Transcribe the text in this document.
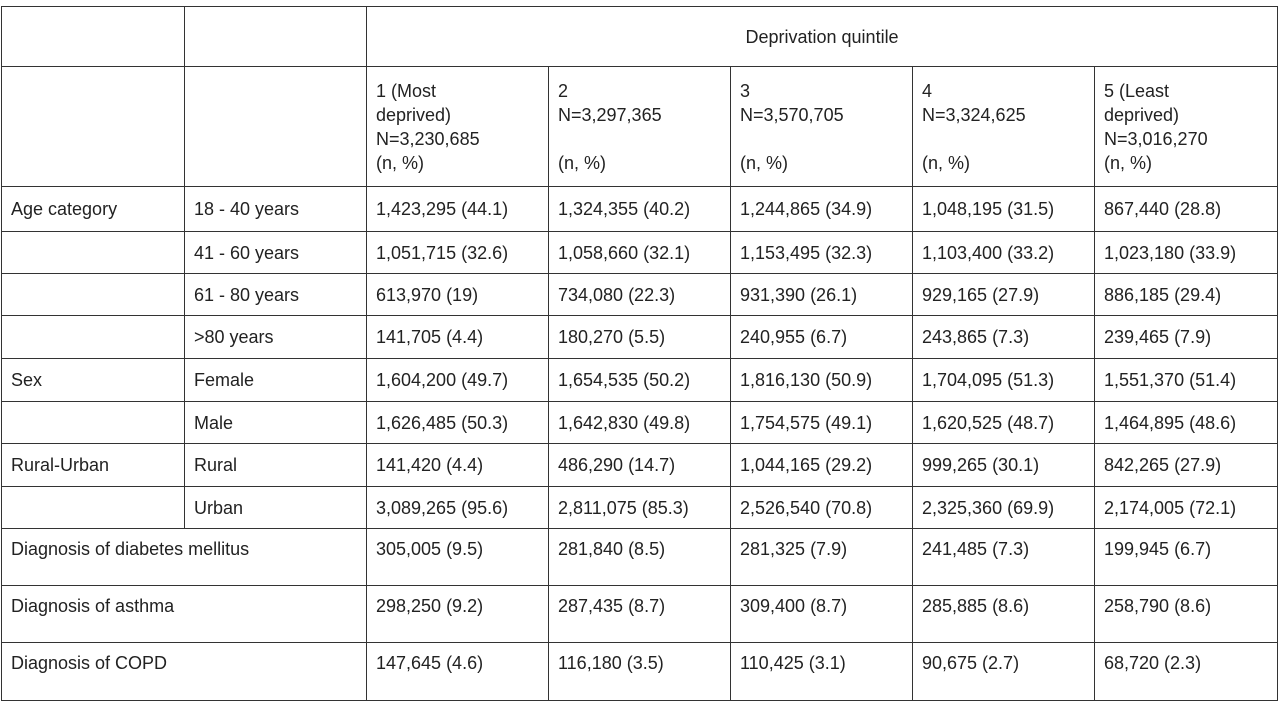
		Deprivation quintile				

		1 (Most
deprived)
N=3,230,685
(n, %)	2
N=3,297,365
(n, %)	3
N=3,570,705
(n, %)	4
N=3,324,625
(n, %)	5 (Least
deprived)
N=3,016,270
(n, %)

Age category	18 - 40 years	1,423,295 (44.1)	1,324,355 (40.2)	1,244,865 (34.9)	1,048,195 (31.5)	867,440 (28.8)
	41 - 60 years	1,051,715 (32.6)	1,058,660 (32.1)	1,153,495 (32.3)	1,103,400 (33.2)	1,023,180 (33.9)
	61 - 80 years	613,970 (19)	734,080 (22.3)	931,390 (26.1)	929,165 (27.9)	886,185 (29.4)
	>80 years	141,705 (4.4)	180,270 (5.5)	240,955 (6.7)	243,865 (7.3)	239,465 (7.9)
Sex	Female	1,604,200 (49.7)	1,654,535 (50.2)	1,816,130 (50.9)	1,704,095 (51.3)	1,551,370 (51.4)
	Male	1,626,485 (50.3)	1,642,830 (49.8)	1,754,575 (49.1)	1,620,525 (48.7)	1,464,895 (48.6)
Rural-Urban	Rural	141,420 (4.4)	486,290 (14.7)	1,044,165 (29.2)	999,265 (30.1)	842,265 (27.9)
	Urban	3,089,265 (95.6)	2,811,075 (85.3)	2,526,540 (70.8)	2,325,360 (69.9)	2,174,005 (72.1)
Diagnosis of diabetes mellitus		305,005 (9.5)	281,840 (8.5)	281,325 (7.9)	241,485 (7.3)	199,945 (6.7)
Diagnosis of asthma		298,250 (9.2)	287,435 (8.7)	309,400 (8.7)	285,885 (8.6)	258,790 (8.6)
Diagnosis of COPD		147,645 (4.6)	116,180 (3.5)	110,425 (3.1)	90,675 (2.7)	68,720 (2.3)
